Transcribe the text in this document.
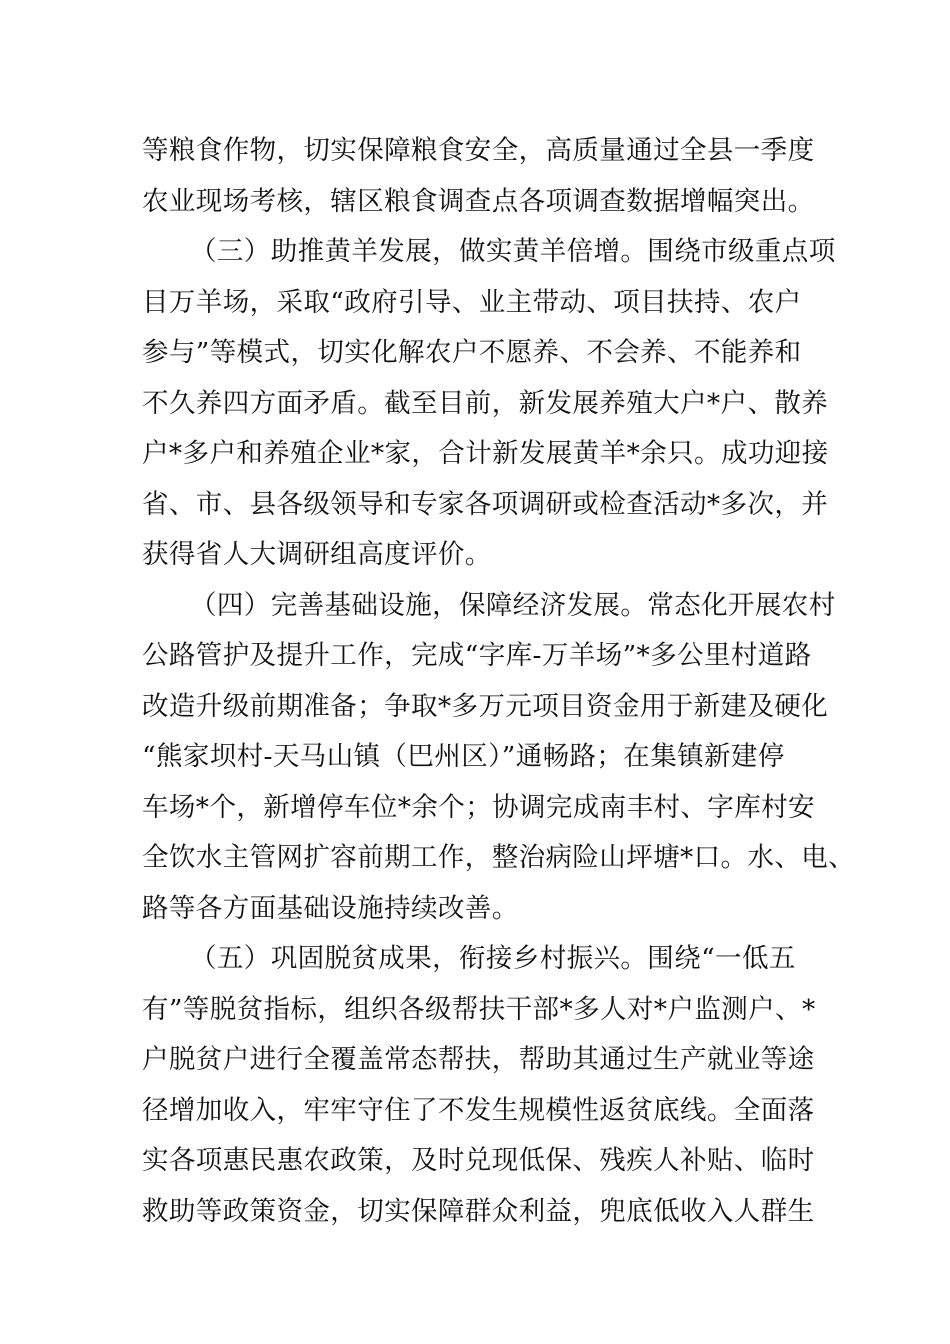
等粮食作物，切实保障粮食安全，高质量通过全县一季度

农业现场考核，辖区粮食调查点各项调查数据增幅突出。

（三）助推黄羊发展，做实黄羊倍增。围绕市级重点项

目万羊场，采取“政府引导、业主带动、项目扶持、农户

参与”等模式，切实化解农户不愿养、不会养、不能养和

不久养四方面矛盾。截至目前，新发展养殖大户*户、散养

户*多户和养殖企业*家，合计新发展黄羊*余只。成功迎接

省、市、县各级领导和专家各项调研或检查活动*多次，并

获得省人大调研组高度评价。

（四）完善基础设施，保障经济发展。常态化开展农村

公路管护及提升工作，完成“字库-万羊场”*多公里村道路

改造升级前期准备；争取*多万元项目资金用于新建及硬化

“熊家坝村-天马山镇（巴州区）”通畅路；在集镇新建停

车场*个，新增停车位*余个；协调完成南丰村、字库村安

全饮水主管网扩容前期工作，整治病险山坪塘*口。水、电、

路等各方面基础设施持续改善。

（五）巩固脱贫成果，衔接乡村振兴。围绕“一低五

有”等脱贫指标，组织各级帮扶干部*多人对*户监测户、*

户脱贫户进行全覆盖常态帮扶，帮助其通过生产就业等途

径增加收入，牢牢守住了不发生规模性返贫底线。全面落

实各项惠民惠农政策，及时兑现低保、残疾人补贴、临时

救助等政策资金，切实保障群众利益，兜底低收入人群生
